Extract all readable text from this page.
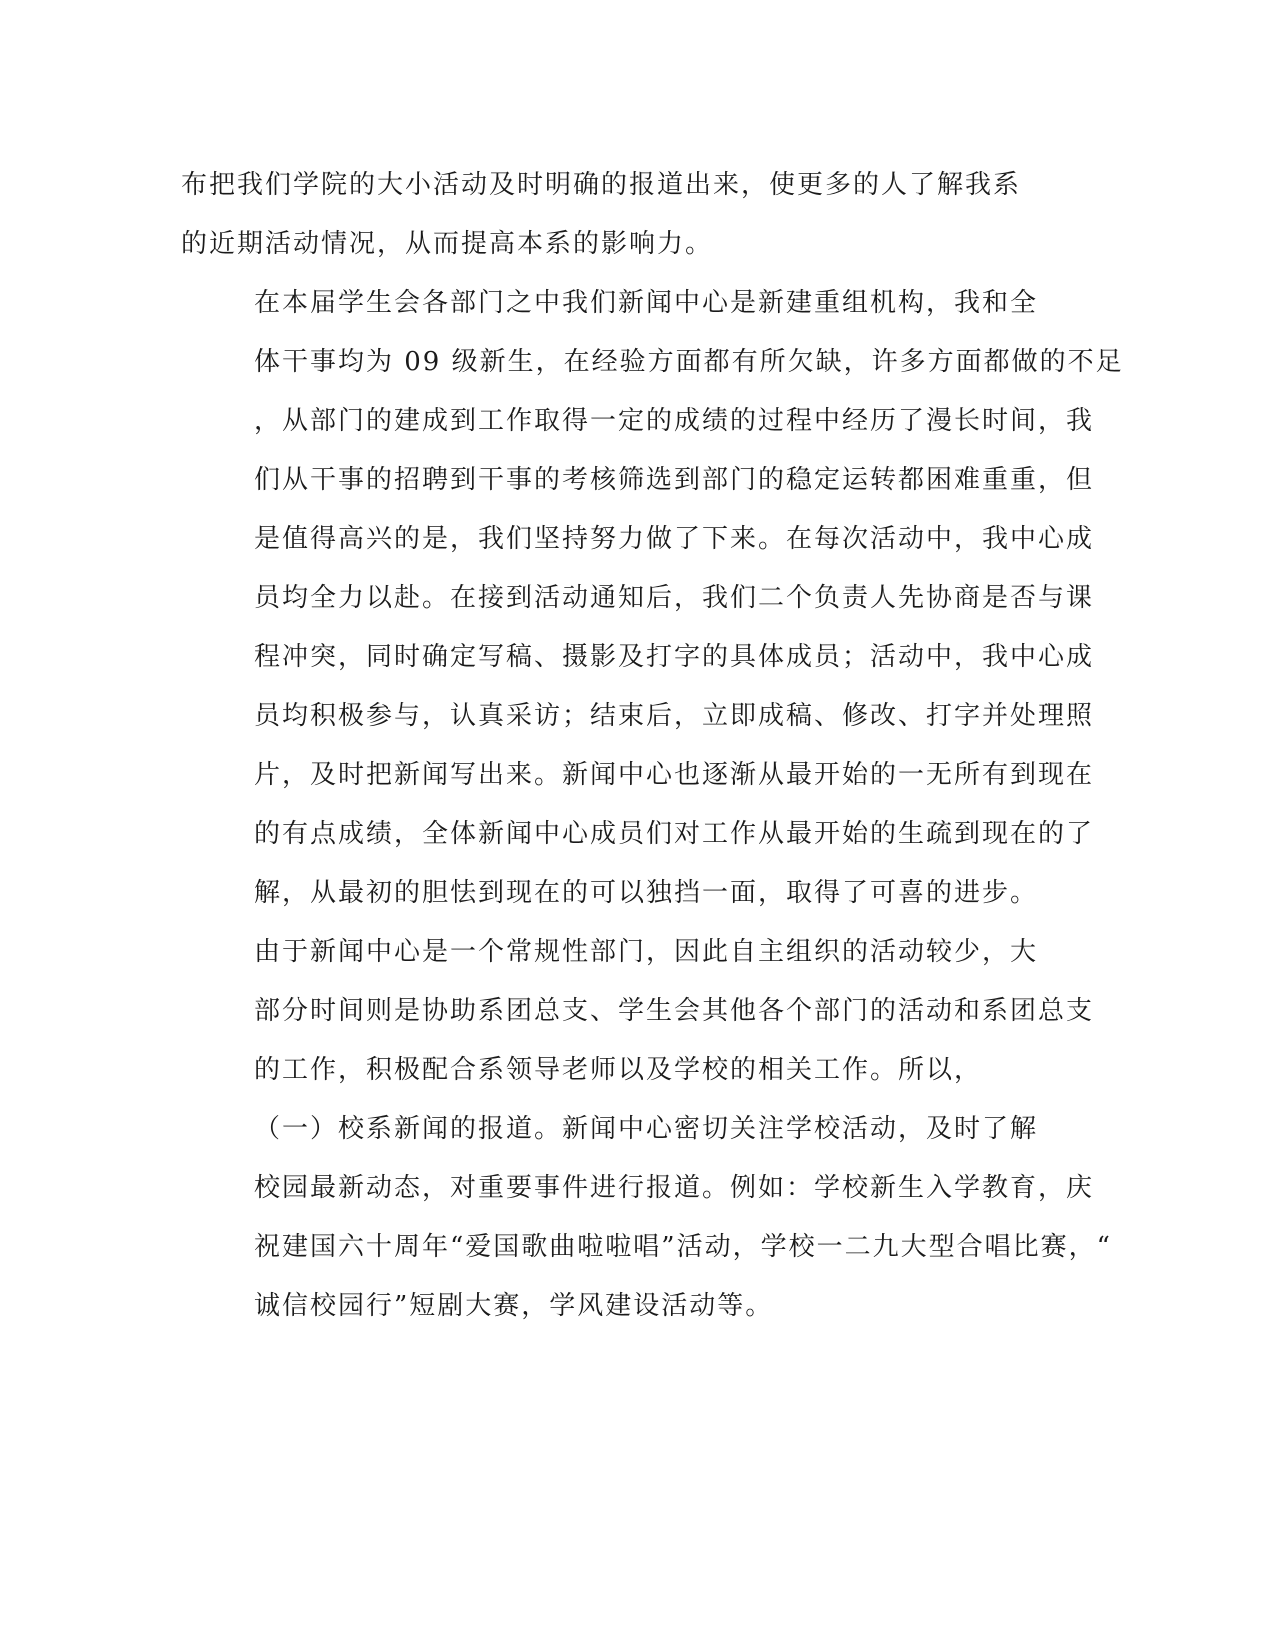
布把我们学院的大小活动及时明确的报道出来，使更多的人了解我系
的近期活动情况，从而提高本系的影响力。

在本届学生会各部门之中我们新闻中心是新建重组机构，我和全
体干事均为 09 级新生，在经验方面都有所欠缺，许多方面都做的不足
，从部门的建成到工作取得一定的成绩的过程中经历了漫长时间，我
们从干事的招聘到干事的考核筛选到部门的稳定运转都困难重重，但
是值得高兴的是，我们坚持努力做了下来。在每次活动中，我中心成
员均全力以赴。在接到活动通知后，我们二个负责人先协商是否与课
程冲突，同时确定写稿、摄影及打字的具体成员；活动中，我中心成
员均积极参与，认真采访；结束后，立即成稿、修改、打字并处理照
片，及时把新闻写出来。新闻中心也逐渐从最开始的一无所有到现在
的有点成绩，全体新闻中心成员们对工作从最开始的生疏到现在的了
解，从最初的胆怯到现在的可以独挡一面，取得了可喜的进步。

由于新闻中心是一个常规性部门，因此自主组织的活动较少，大
部分时间则是协助系团总支、学生会其他各个部门的活动和系团总支
的工作，积极配合系领导老师以及学校的相关工作。所以，

（一）校系新闻的报道。新闻中心密切关注学校活动，及时了解
校园最新动态，对重要事件进行报道。例如：学校新生入学教育，庆
祝建国六十周年“爱国歌曲啦啦唱”活动，学校一二九大型合唱比赛，“
诚信校园行”短剧大赛，学风建设活动等。
